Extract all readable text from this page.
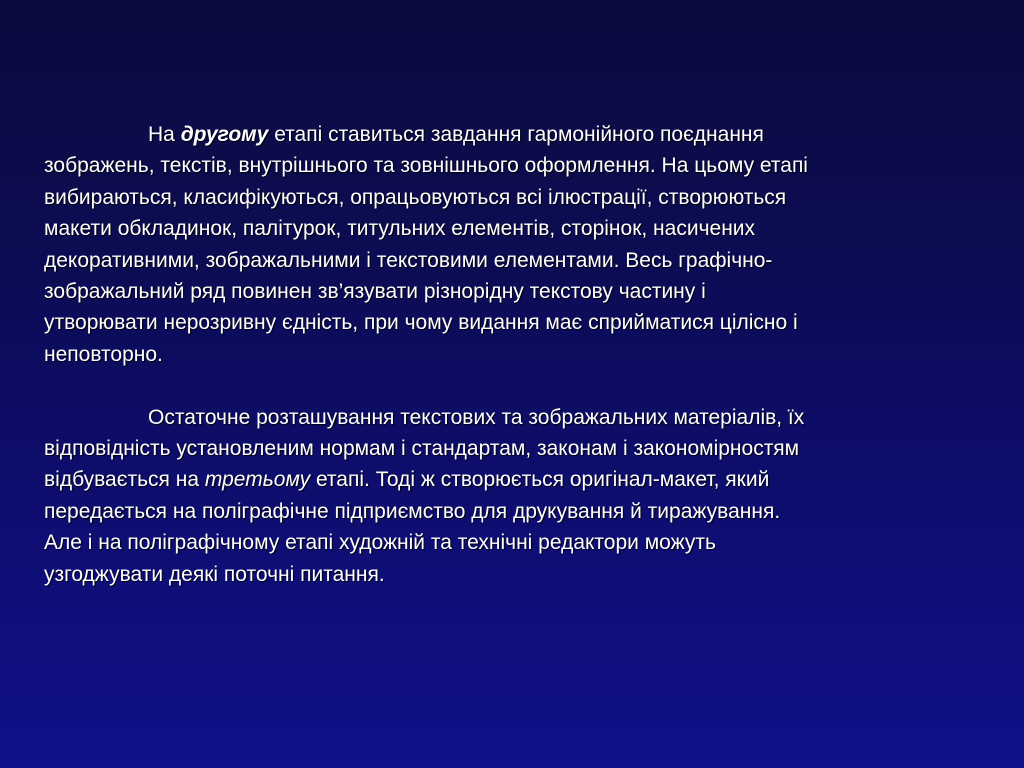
На другому етапі ставиться завдання гармонійного поєднання
зображень, текстів, внутрішнього та зовнішнього оформлення. На цьому етапі
вибираються, класифікуються, опрацьовуються всі ілюстрації, створюються
макети обкладинок, палітурок, титульних елементів, сторінок, насичених
декоративними, зображальними і текстовими елементами. Весь графічно-
зображальний ряд повинен зв’язувати різнорідну текстову частину і
утворювати нерозривну єдність, при чому видання має сприйматися цілісно і
неповторно.

Остаточне розташування текстових та зображальних матеріалів, їх
відповідність установленим нормам і стандартам, законам і закономірностям
відбувається на третьому етапі. Тоді ж створюється оригінал-макет, який
передається на поліграфічне підприємство для друкування й тиражування.
Але і на поліграфічному етапі художній та технічні редактори можуть
узгоджувати деякі поточні питання.
